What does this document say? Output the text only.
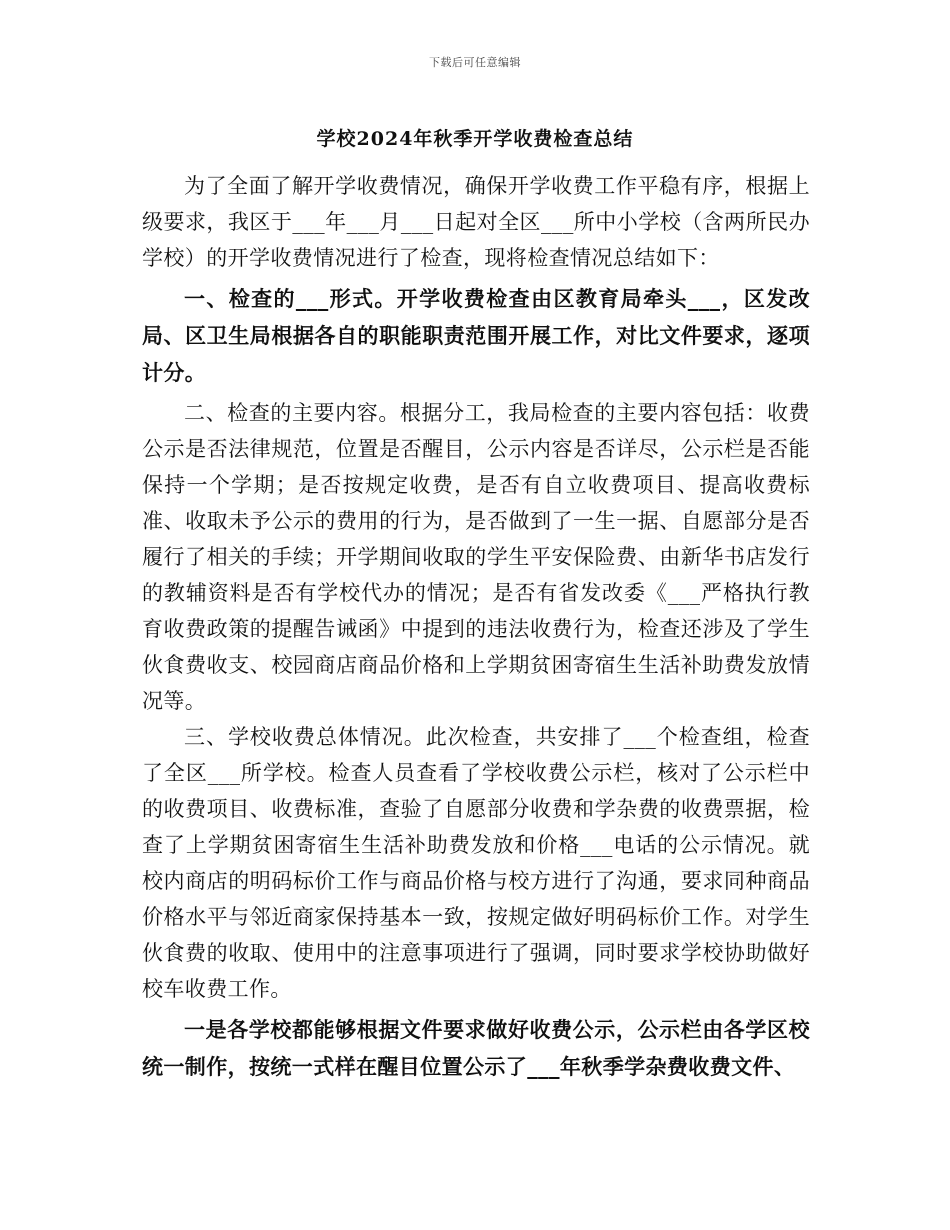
下载后可任意编辑
学校2024年秋季开学收费检查总结

为了全面了解开学收费情况，确保开学收费工作平稳有序，根据上级要求，我区于___年___月___日起对全区___所中小学校（含两所民办学校）的开学收费情况进行了检查，现将检查情况总结如下：

一、检查的___形式。开学收费检查由区教育局牵头___，区发改局、区卫生局根据各自的职能职责范围开展工作，对比文件要求，逐项计分。

二、检查的主要内容。根据分工，我局检查的主要内容包括：收费公示是否法律规范，位置是否醒目，公示内容是否详尽，公示栏是否能保持一个学期；是否按规定收费，是否有自立收费项目、提高收费标准、收取未予公示的费用的行为，是否做到了一生一据、自愿部分是否履行了相关的手续；开学期间收取的学生平安保险费、由新华书店发行的教辅资料是否有学校代办的情况；是否有省发改委《___严格执行教育收费政策的提醒告诫函》中提到的违法收费行为，检查还涉及了学生伙食费收支、校园商店商品价格和上学期贫困寄宿生生活补助费发放情况等。

三、学校收费总体情况。此次检查，共安排了___个检查组，检查了全区___所学校。检查人员查看了学校收费公示栏，核对了公示栏中的收费项目、收费标准，查验了自愿部分收费和学杂费的收费票据，检查了上学期贫困寄宿生生活补助费发放和价格___电话的公示情况。就校内商店的明码标价工作与商品价格与校方进行了沟通，要求同种商品价格水平与邻近商家保持基本一致，按规定做好明码标价工作。对学生伙食费的收取、使用中的注意事项进行了强调，同时要求学校协助做好校车收费工作。

一是各学校都能够根据文件要求做好收费公示，公示栏由各学区校统一制作，按统一式样在醒目位置公示了___年秋季学杂费收费文件、
